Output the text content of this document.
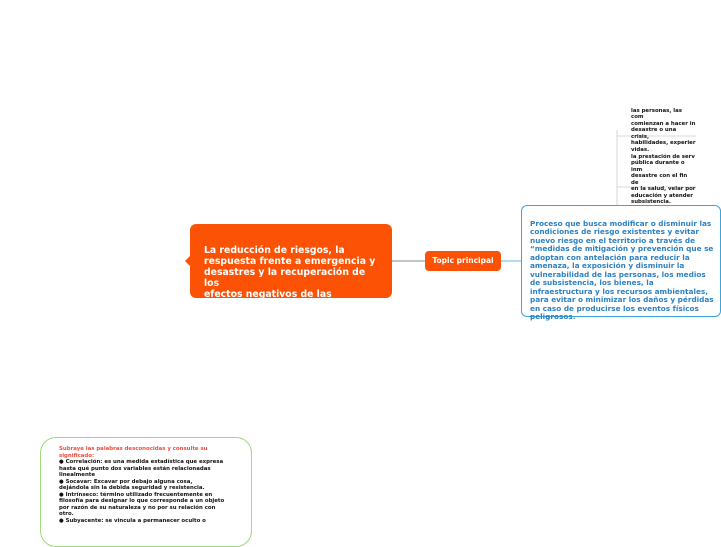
La reducción de riesgos, la
respuesta frente a emergencia y
desastres y la recuperación de los
efectos negativos de las
emergencias y desastres”

Topic principal

Proceso que busca modificar o disminuir las
condiciones de riesgo existentes y evitar
nuevo riesgo en el territorio a través de
“medidas de mitigación y prevención que se
adoptan con antelación para reducir la
amenaza, la exposición y disminuir la
vulnerabilidad de las personas, los medios
de subsistencia, los bienes, la
infraestructura y los recursos ambientales,
para evitar o minimizar los daños y pérdidas
en caso de producirse los eventos físicos
peligrosos.

las personas, las com
comienzan a hacer in
desastre o una crisis,
habilidades, experier
vidas.

la prestación de serv
pública durante o inm
desastre con el fin de
en la salud, velar por
educación y atender
subsistencia.

Subraye las palabras desconocidas y consulte su
significado:
● Correlación: es una medida estadística que expresa
hasta qué punto dos variables están relacionadas
linealmente
● Socavar: Excavar por debajo alguna cosa,
dejándola sin la debida seguridad y resistencia.
● Intrínseco: término utilizado frecuentemente en
filosofía para designar lo que corresponde a un objeto
por razón de su naturaleza y no por su relación con
otro.
● Subyacente: se vincula a permanecer oculto o
